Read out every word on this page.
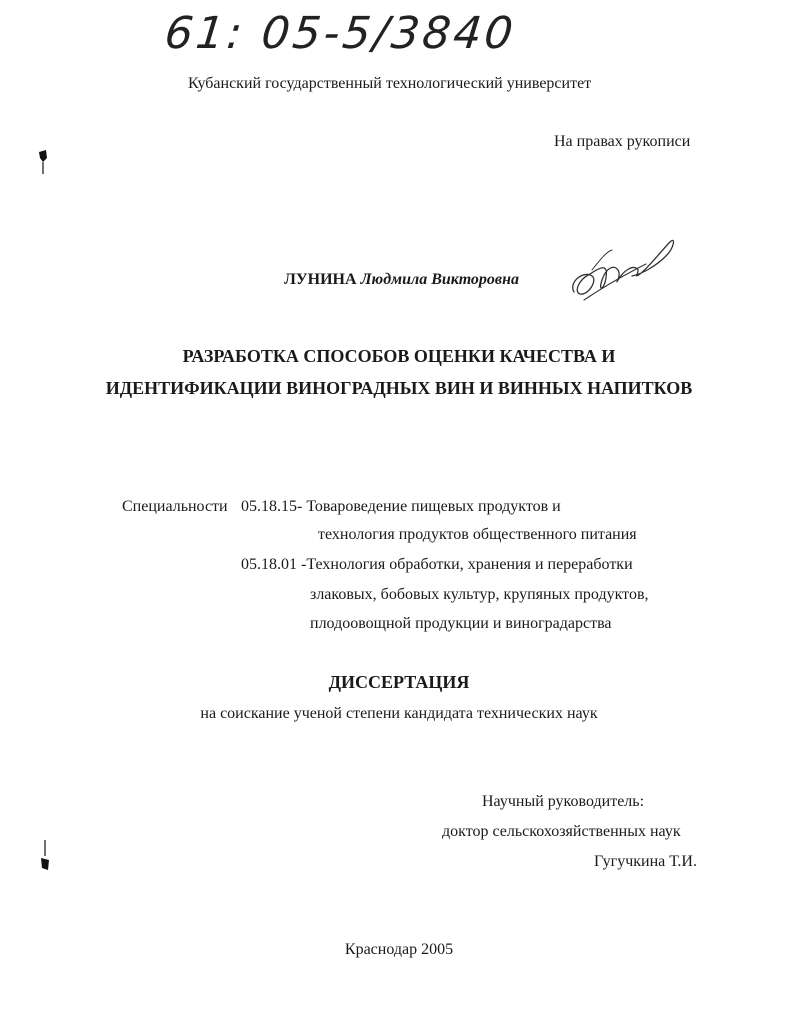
61: 05-5/3840
Кубанский государственный технологический университет
На правах рукописи
ЛУНИНА Людмила Викторовна
РАЗРАБОТКА СПОСОБОВ ОЦЕНКИ КАЧЕСТВА И
ИДЕНТИФИКАЦИИ ВИНОГРАДНЫХ ВИН И ВИННЫХ НАПИТКОВ
Специальности 05.18.15- Товароведение пищевых продуктов и
технология продуктов общественного питания
05.18.01 -Технология обработки, хранения и переработки
злаковых, бобовых культур, крупяных продуктов,
плодоовощной продукции и виноградарства
ДИССЕРТАЦИЯ
на соискание ученой степени кандидата технических наук
Научный руководитель:
доктор сельскохозяйственных наук
Гугучкина Т.И.
Краснодар 2005
